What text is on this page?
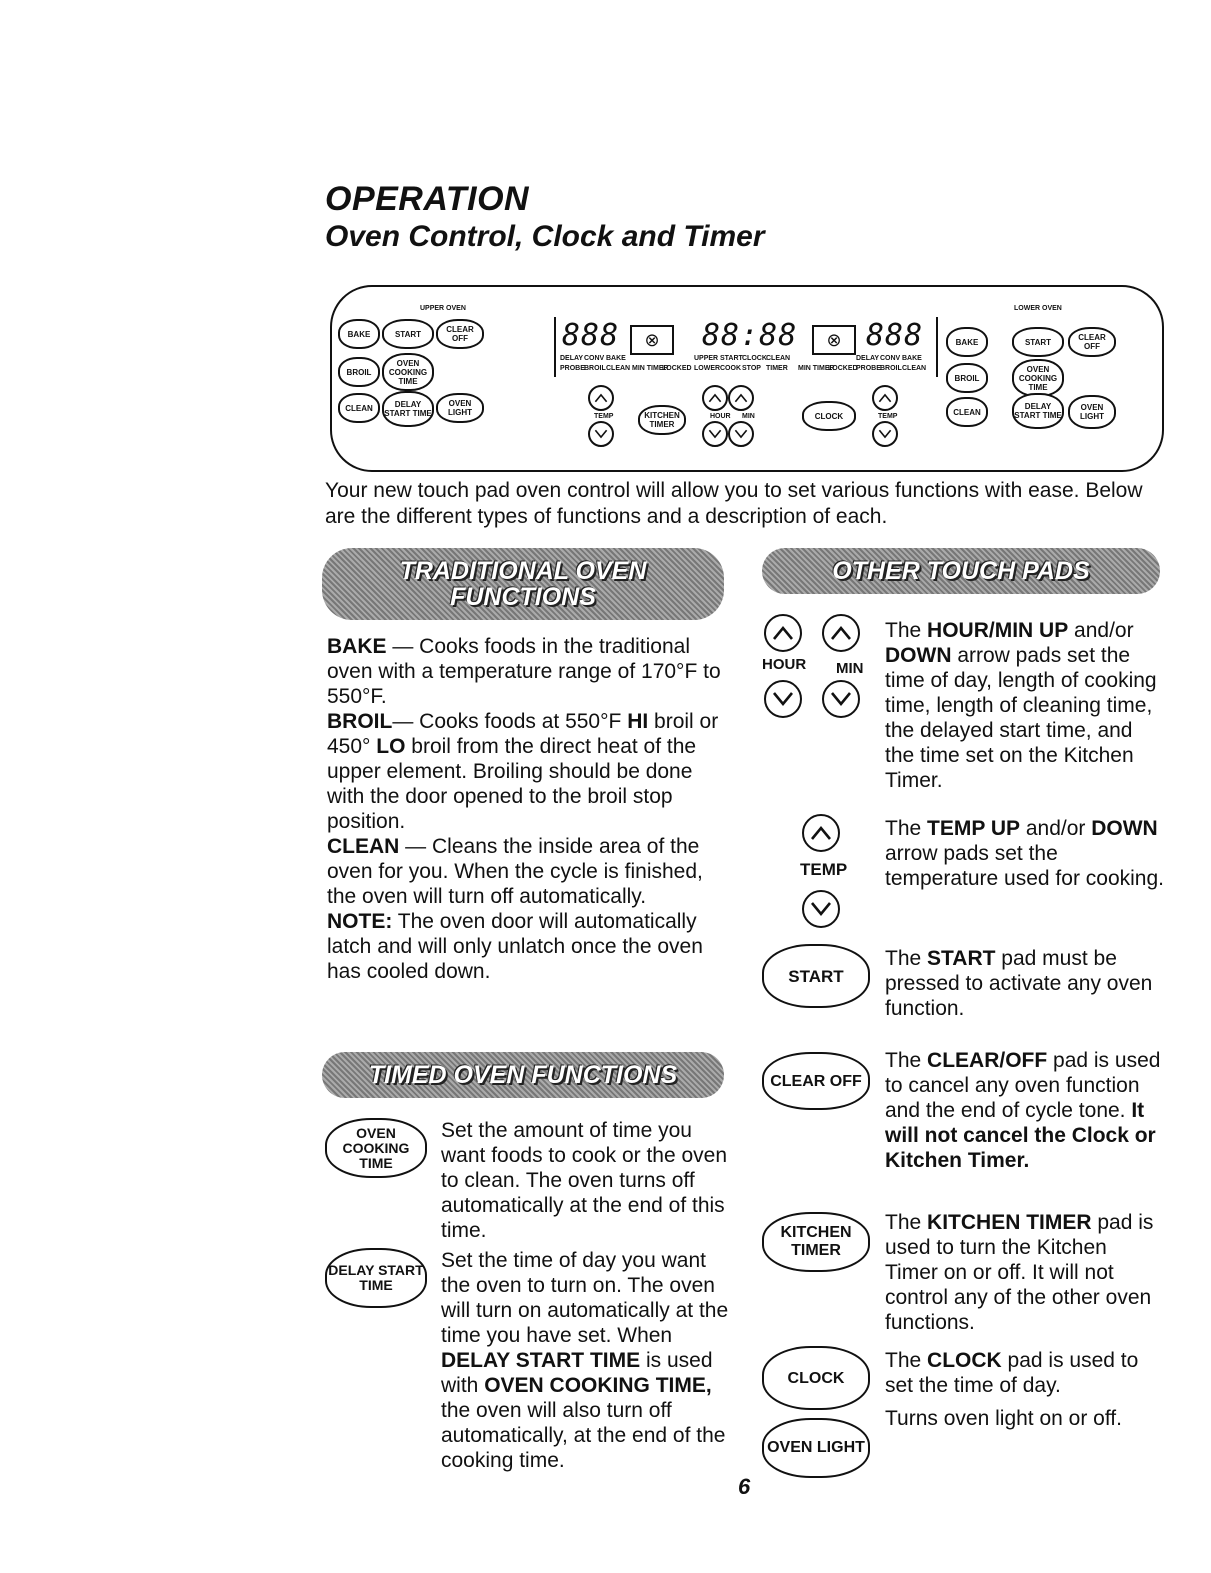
OPERATION
Oven Control, Clock and Timer
UPPER OVEN	LOWER OVEN
BAKE	START	CLEAR OFF
BROIL
OVEN COOKING TIME
CLEAN	DELAY START TIME
OVEN LIGHT
BAKE	START	CLEAR OFF
BROIL
OVEN COOKING TIME
CLEAN
DELAY START TIME
OVEN LIGHT
888	88:88 888
⊗	⊗
DELAY CONV BAKE
PROBE BROIL CLEAN MIN TIMER
LOCKED
UPPER START CLOCK CLEAN
LOWER COOK STOP TIMER MIN TIMER
LOCKED
DELAY CONV BAKE
PROBE BROIL CLEAN
TEMP	KITCHEN TIMER
HOUR MIN	CLOCK	TEMP
Your new touch pad oven control will allow you to set various functions with ease. Below are the different types of functions and a description of each.
TRADITIONAL OVEN FUNCTIONS
OTHER TOUCH PADS
TIMED OVEN FUNCTIONS
BAKE — Cooks foods in the traditional oven with a temperature range of 170°F to 550°F.
BROIL— Cooks foods at 550°F HI broil or 450° LO broil from the direct heat of the upper element. Broiling should be done with the door opened to the broil stop position.
CLEAN — Cleans the inside area of the oven for you. When the cycle is finished, the oven will turn off automatically.
NOTE: The oven door will automatically latch and will only unlatch once the oven has cooled down.
OVEN COOKING TIME
Set the amount of time you want foods to cook or the oven to clean. The oven turns off automatically at the end of this time.
DELAY START TIME
Set the time of day you want the oven to turn on. The oven will turn on automatically at the time you have set. When DELAY START TIME is used with OVEN COOKING TIME, the oven will also turn off automatically, at the end of the cooking time.
HOUR MIN
The HOUR/MIN UP and/or DOWN arrow pads set the time of day, length of cooking time, length of cleaning time, the delayed start time, and the time set on the Kitchen Timer.
TEMP
The TEMP UP and/or DOWN arrow pads set the temperature used for cooking.
START
The START pad must be pressed to activate any oven function.
CLEAR OFF
The CLEAR/OFF pad is used to cancel any oven function and the end of cycle tone. It will not cancel the Clock or Kitchen Timer.
KITCHEN TIMER
The KITCHEN TIMER pad is used to turn the Kitchen Timer on or off. It will not control any of the other oven functions.
CLOCK
The CLOCK pad is used to set the time of day.
OVEN LIGHT
Turns oven light on or off.
6
